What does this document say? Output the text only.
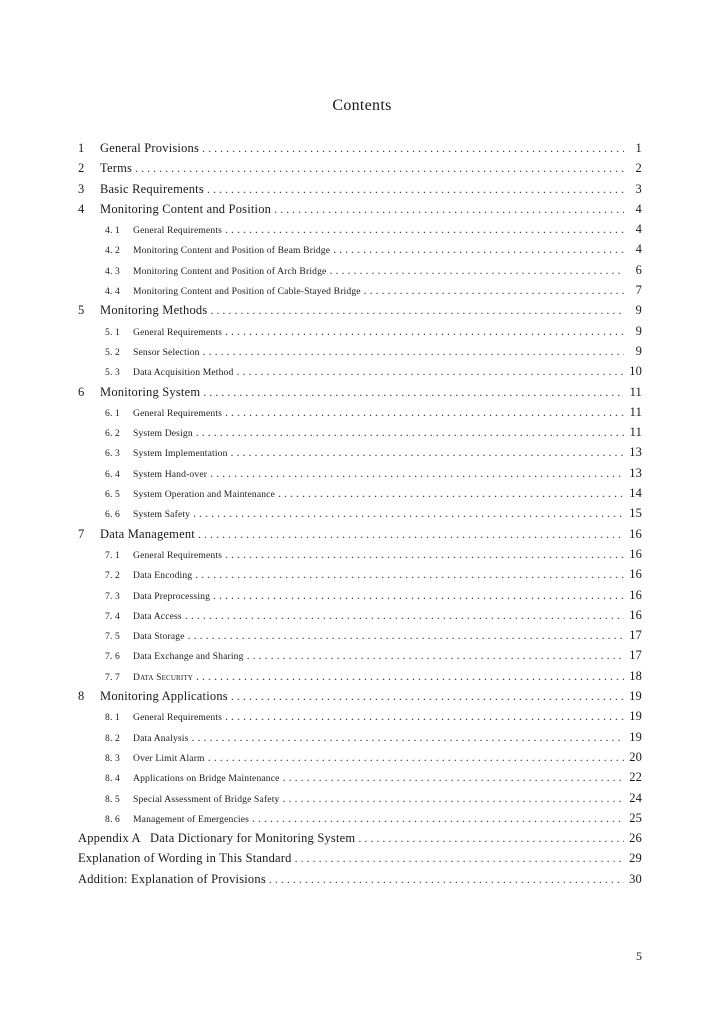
Contents
1	General Provisions . . .	1
2	Terms . . .	2
3	Basic Requirements . . .	3
4	Monitoring Content and Position . . .	4
4. 1	General Requirements . . .	4
4. 2	Monitoring Content and Position of Beam Bridge . . .	4
4. 3	Monitoring Content and Position of Arch Bridge . . .	6
4. 4	Monitoring Content and Position of Cable-Stayed Bridge . . .	7
5	Monitoring Methods . . .	9
5. 1	General Requirements . . .	9
5. 2	Sensor Selection . . .	9
5. 3	Data Acquisition Method . . .	10
6	Monitoring System . . .	11
6. 1	General Requirements . . .	11
6. 2	System Design . . .	11
6. 3	System Implementation . . .	13
6. 4	System Hand-over . . .	13
6. 5	System Operation and Maintenance . . .	14
6. 6	System Safety . . .	15
7	Data Management . . .	16
7. 1	General Requirements . . .	16
7. 2	Data Encoding . . .	16
7. 3	Data Preprocessing . . .	16
7. 4	Data Access . . .	16
7. 5	Data Storage . . .	17
7. 6	Data Exchange and Sharing . . .	17
7. 7	Data Security . . .	18
8	Monitoring Applications . . .	19
8. 1	General Requirements . . .	19
8. 2	Data Analysis . . .	19
8. 3	Over Limit Alarm . . .	20
8. 4	Applications on Bridge Maintenance . . .	22
8. 5	Special Assessment of Bridge Safety . . .	24
8. 6	Management of Emergencies . . .	25
Appendix A   Data Dictionary for Monitoring System . . .	26
Explanation of Wording in This Standard . . .	29
Addition: Explanation of Provisions . . .	30
5
